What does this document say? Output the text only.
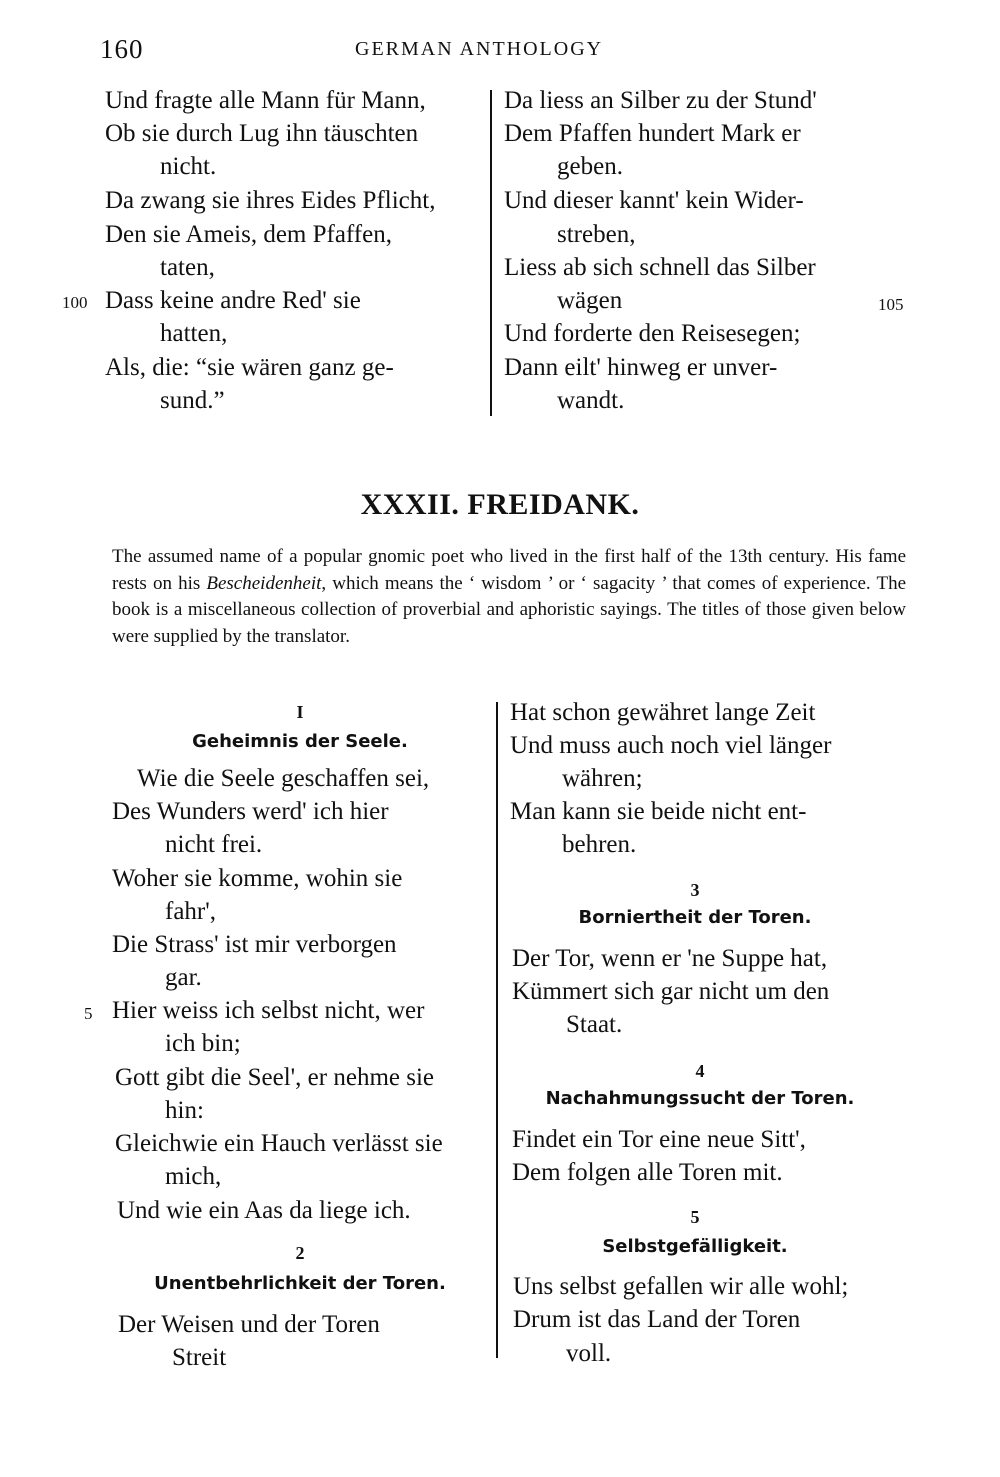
160	GERMAN ANTHOLOGY
Und fragte alle Mann für Mann,
Ob sie durch Lug ihn täuschten
nicht.
Da zwang sie ihres Eides Pflicht,
Den sie Ameis, dem Pfaffen,
taten,
100 Dass keine andre Red' sie
hatten,
Als, die: “sie wären ganz ge-
sund.”
Da liess an Silber zu der Stund'
Dem Pfaffen hundert Mark er
geben.
Und dieser kannt' kein Wider-
streben,
Liess ab sich schnell das Silber
wägen	105
Und forderte den Reisesegen;
Dann eilt' hinweg er unver-
wandt.
XXXII. FREIDANK.
The assumed name of a popular gnomic poet who lived in the first half of the 13th century. His fame rests on his Bescheidenheit, which means the ‘ wisdom ’ or ‘ sagacity ’ that comes of experience. The book is a miscellaneous collection of proverbial and aphoristic sayings. The titles of those given below were supplied by the translator.
I
Geheimnis der Seele.
Wie die Seele geschaffen sei,
Des Wunders werd' ich hier
nicht frei.
Woher sie komme, wohin sie
fahr',
Die Strass' ist mir verborgen
gar.
5 Hier weiss ich selbst nicht, wer
ich bin;
Gott gibt die Seel', er nehme sie
hin:
Gleichwie ein Hauch verlässt sie
mich,
Und wie ein Aas da liege ich.
2
Unentbehrlichkeit der Toren.
Der Weisen und der Toren
Streit
Hat schon gewähret lange Zeit
Und muss auch noch viel länger
währen;
Man kann sie beide nicht ent-
behren.
3
Borniertheit der Toren.
Der Tor, wenn er 'ne Suppe hat,
Kümmert sich gar nicht um den
Staat.
4
Nachahmungssucht der Toren.
Findet ein Tor eine neue Sitt',
Dem folgen alle Toren mit.
5
Selbstgefälligkeit.
Uns selbst gefallen wir alle wohl;
Drum ist das Land der Toren
voll.
